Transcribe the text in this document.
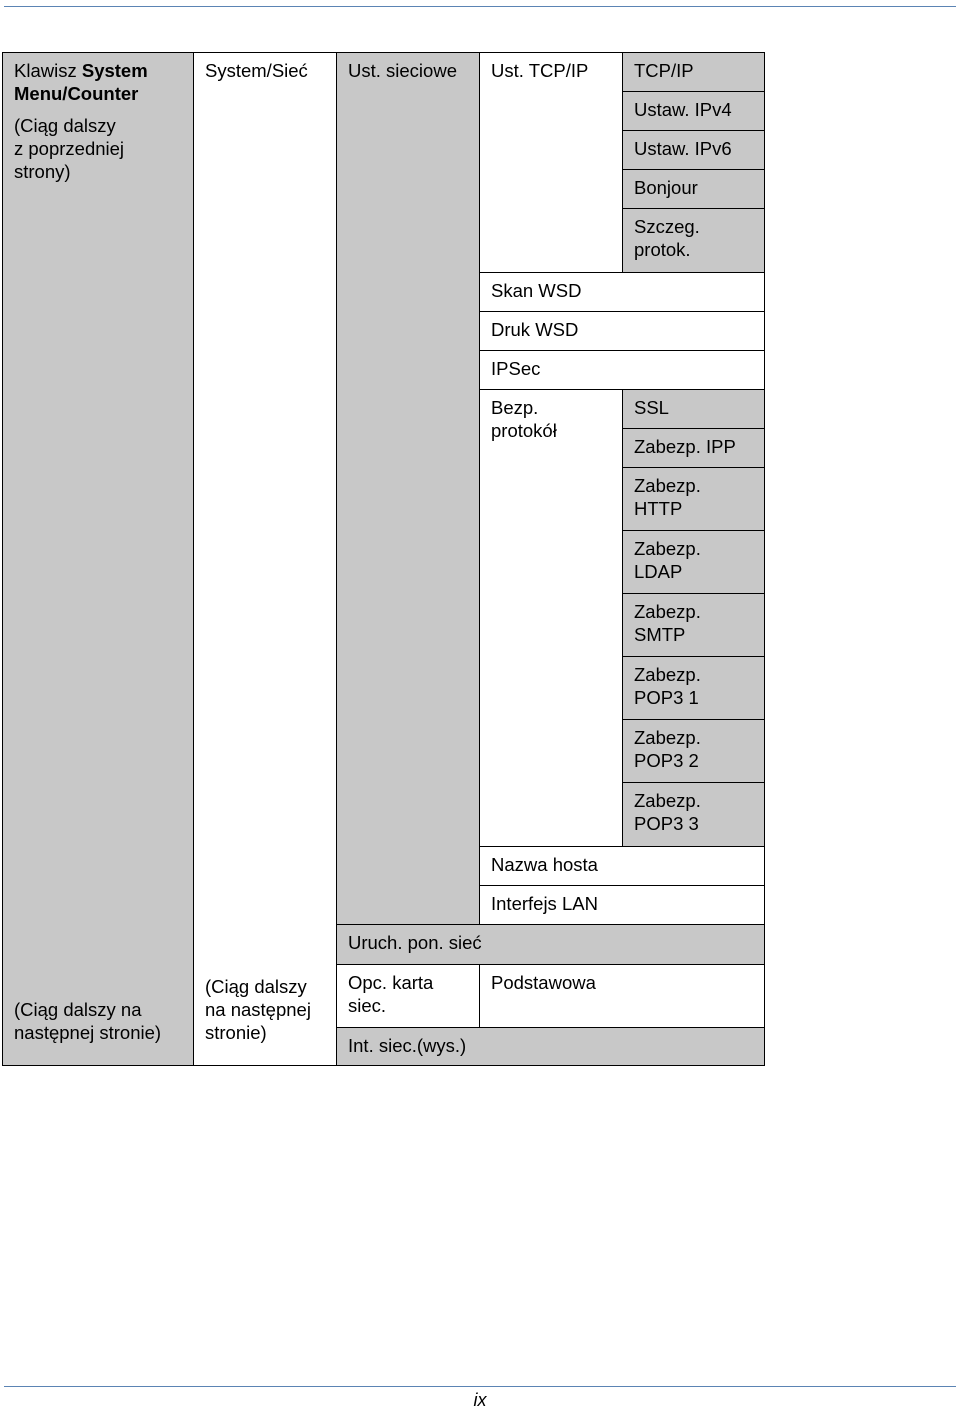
Klawisz System
Menu/Counter
(Ciąg dalszy
z poprzedniej
strony)
(Ciąg dalszy na
następnej stronie)
System/Sieć
(Ciąg dalszy
na następnej
stronie)
Ust. sieciowe
Uruch. pon. sieć
Opc. karta
siec.
Int. siec.(wys.)
Ust. TCP/IP
Skan WSD
Druk WSD
IPSec
Bezp.
protokół
Nazwa hosta
Interfejs LAN
Podstawowa
TCP/IP
Ustaw. IPv4
Ustaw. IPv6
Bonjour
Szczeg.
protok.
SSL
Zabezp. IPP
Zabezp.
HTTP
Zabezp.
LDAP
Zabezp.
SMTP
Zabezp.
POP3 1
Zabezp.
POP3 2
Zabezp.
POP3 3
ix
